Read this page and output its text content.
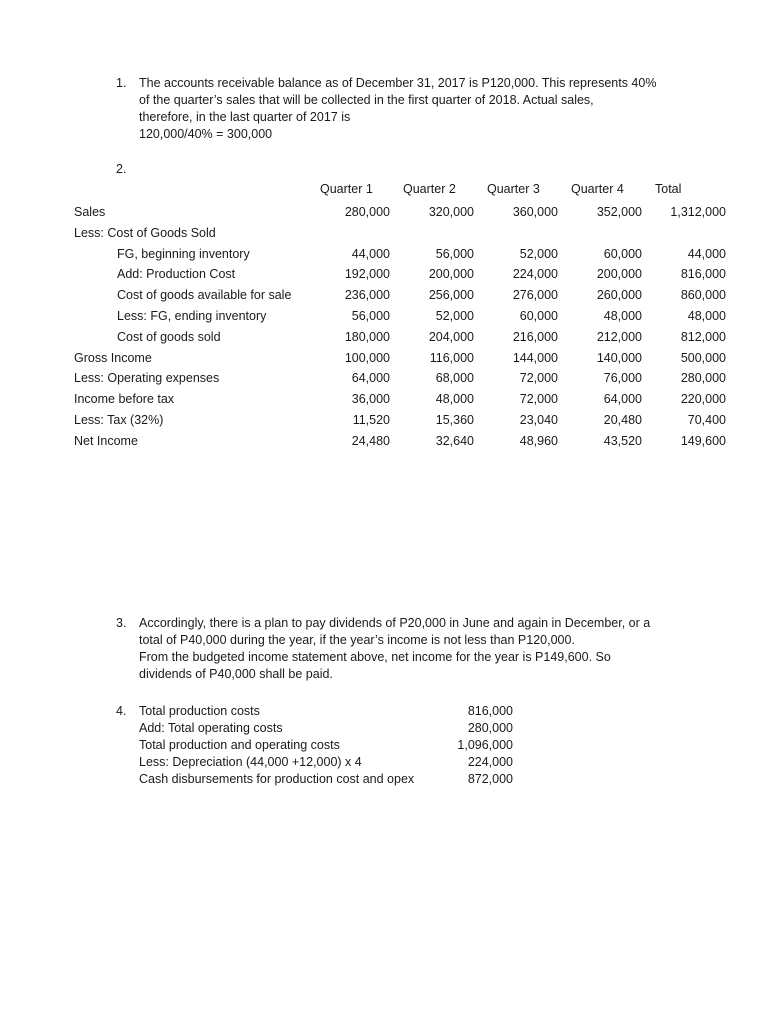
1.	The accounts receivable balance as of December 31, 2017 is P120,000. This represents 40%
of the quarter’s sales that will be collected in the first quarter of 2018. Actual sales,
therefore, in the last quarter of 2017 is
120,000/40% = 300,000
2.
Quarter 1 Quarter 2 Quarter 3 Quarter 4 Total
Sales	280,000	320,000	360,000	352,000 1,312,000
Less: Cost of Goods Sold
FG, beginning inventory	44,000	56,000	52,000	60,000	44,000
Add: Production Cost	192,000	200,000	224,000	200,000	816,000
Cost of goods available for sale	236,000	256,000	276,000	260,000	860,000
Less: FG, ending inventory	56,000	52,000	60,000	48,000	48,000
Cost of goods sold	180,000	204,000	216,000	212,000	812,000
Gross Income	100,000	116,000	144,000	140,000	500,000
Less: Operating expenses	64,000	68,000	72,000	76,000	280,000
Income before tax	36,000	48,000	72,000	64,000	220,000
Less: Tax (32%)	11,520	15,360	23,040	20,480	70,400
Net Income	24,480	32,640	48,960	43,520	149,600
3.	Accordingly, there is a plan to pay dividends of P20,000 in June and again in December, or a
total of P40,000 during the year, if the year’s income is not less than P120,000.
From the budgeted income statement above, net income for the year is P149,600. So
dividends of P40,000 shall be paid.
4.	Total production costs	816,000
Add: Total operating costs	280,000
Total production and operating costs	1,096,000
Less: Depreciation (44,000 +12,000) x 4	224,000
Cash disbursements for production cost and opex	872,000
